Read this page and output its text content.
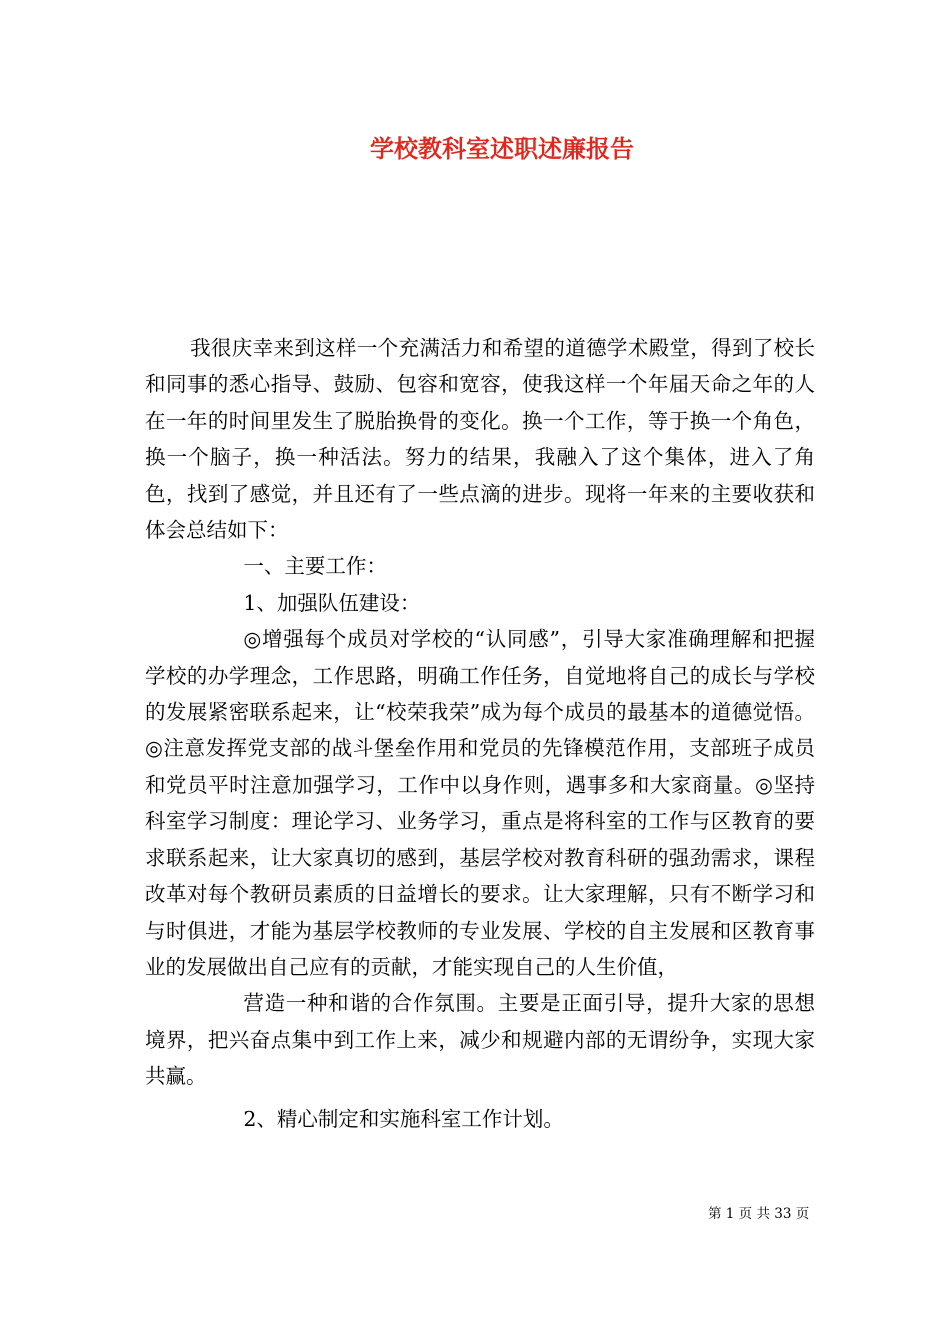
学校教科室述职述廉报告

我很庆幸来到这样一个充满活力和希望的道德学术殿堂，得到了校长和同事的悉心指导、鼓励、包容和宽容，使我这样一个年届天命之年的人在一年的时间里发生了脱胎换骨的变化。换一个工作，等于换一个角色，换一个脑子，换一种活法。努力的结果，我融入了这个集体，进入了角色，找到了感觉，并且还有了一些点滴的进步。现将一年来的主要收获和体会总结如下：

一、主要工作：

1、加强队伍建设：

◎增强每个成员对学校的“认同感”，引导大家准确理解和把握学校的办学理念，工作思路，明确工作任务，自觉地将自己的成长与学校的发展紧密联系起来，让“校荣我荣”成为每个成员的最基本的道德觉悟。◎注意发挥党支部的战斗堡垒作用和党员的先锋模范作用，支部班子成员和党员平时注意加强学习，工作中以身作则，遇事多和大家商量。◎坚持科室学习制度：理论学习、业务学习，重点是将科室的工作与区教育的要求联系起来，让大家真切的感到，基层学校对教育科研的强劲需求，课程改革对每个教研员素质的日益增长的要求。让大家理解，只有不断学习和与时俱进，才能为基层学校教师的专业发展、学校的自主发展和区教育事业的发展做出自己应有的贡献，才能实现自己的人生价值，

营造一种和谐的合作氛围。主要是正面引导，提升大家的思想境界，把兴奋点集中到工作上来，减少和规避内部的无谓纷争，实现大家共赢。

2、精心制定和实施科室工作计划。

第 1 页 共 33 页
